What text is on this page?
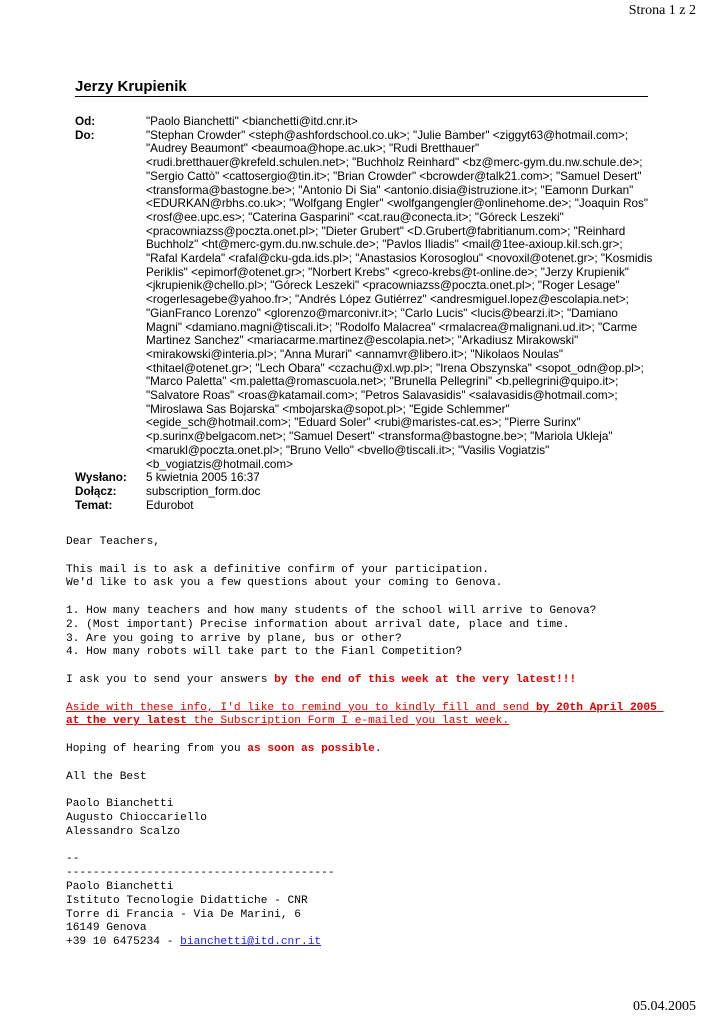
Strona 1 z 2
Jerzy Krupienik
Od:	"Paolo Bianchetti" <bianchetti@itd.cnr.it>
Do:	"Stephan Crowder" <steph@ashfordschool.co.uk>; "Julie Bamber" <ziggyt63@hotmail.com>; "Audrey Beaumont" <beaumoa@hope.ac.uk>; "Rudi Bretthauer" <rudi.bretthauer@krefeld.schulen.net>; "Buchholz Reinhard" <bz@merc-gym.du.nw.schule.de>; "Sergio Cattò" <cattosergio@tin.it>; "Brian Crowder" <bcrowder@talk21.com>; "Samuel Desert" <transforma@bastogne.be>; "Antonio Di Sia" <antonio.disia@istruzione.it>; "Eamonn Durkan" <EDURKAN@rbhs.co.uk>; "Wolfgang Engler" <wolfgangengler@onlinehome.de>; "Joaquin Ros" <rosf@ee.upc.es>; "Caterina Gasparini" <cat.rau@conecta.it>; "Góreck Leszeki" <pracowniazss@poczta.onet.pl>; "Dieter Grubert" <D.Grubert@fabritianum.com>; "Reinhard Buchholz" <ht@merc-gym.du.nw.schule.de>; "Pavlos Iliadis" <mail@1tee-axioup.kil.sch.gr>; "Rafal Kardela" <rafal@cku-gda.ids.pl>; "Anastasios Korosoglou" <novoxil@otenet.gr>; "Kosmidis Periklis" <epimorf@otenet.gr>; "Norbert Krebs" <greco-krebs@t-online.de>; "Jerzy Krupienik" <jkrupienik@chello.pl>; "Góreck Leszeki" <pracowniazss@poczta.onet.pl>; "Roger Lesage" <rogerlesagebe@yahoo.fr>; "Andrés López Gutiérrez" <andresmiguel.lopez@escolapia.net>; "GianFranco Lorenzo" <glorenzo@marconivr.it>; "Carlo Lucis" <lucis@bearzi.it>; "Damiano Magni" <damiano.magni@tiscali.it>; "Rodolfo Malacrea" <rmalacrea@malignani.ud.it>; "Carme Martinez Sanchez" <mariacarme.martinez@escolapia.net>; "Arkadiusz Mirakowski" <mirakowski@interia.pl>; "Anna Murari" <annamvr@libero.it>; "Nikolaos Noulas" <thitael@otenet.gr>; "Lech Obara" <czachu@xl.wp.pl>; "Irena Obszynska" <sopot_odn@op.pl>; "Marco Paletta" <m.paletta@romascuola.net>; "Brunella Pellegrini" <b.pellegrini@quipo.it>; "Salvatore Roas" <roas@katamail.com>; "Petros Salavasidis" <salavasidis@hotmail.com>; "Miroslawa Sas Bojarska" <mbojarska@sopot.pl>; "Egide Schlemmer" <egide_sch@hotmail.com>; "Eduard Soler" <rubi@maristes-cat.es>; "Pierre Surinx" <p.surinx@belgacom.net>; "Samuel Desert" <transforma@bastogne.be>; "Mariola Ukleja" <marukl@poczta.onet.pl>; "Bruno Vello" <bvello@tiscali.it>; "Vasilis Vogiatzis" <b_vogiatzis@hotmail.com>
Wysłano:	5 kwietnia 2005 16:37
Dołącz:	subscription_form.doc
Temat:	Edurobot
Dear Teachers,
This mail is to ask a definitive confirm of your participation.
We'd like to ask you a few questions about your coming to Genova.
1. How many teachers and how many students of the school will arrive to Genova?
2. (Most important) Precise information about arrival date, place and time.
3. Are you going to arrive by plane, bus or other?
4. How many robots will take part to the Fianl Competition?
I ask you to send your answers by the end of this week at the very latest!!!
Aside with these info, I'd like to remind you to kindly fill and send by 20th April 2005 at the very latest the Subscription Form I e-mailed you last week.
Hoping of hearing from you as soon as possible.
All the Best
Paolo Bianchetti
Augusto Chioccariello
Alessandro Scalzo
--
----------------------------------------
Paolo Bianchetti
Istituto Tecnologie Didattiche - CNR
Torre di Francia - Via De Marini, 6
16149 Genova
+39 10 6475234 - bianchetti@itd.cnr.it
05.04.2005
